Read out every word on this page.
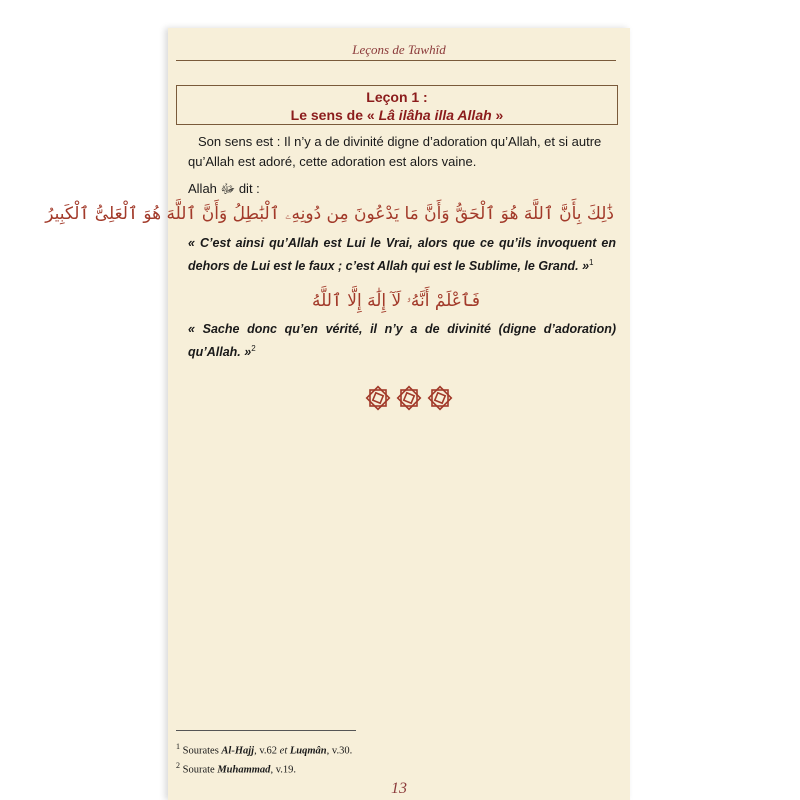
Leçons de Tawhîd
Leçon 1 :
Le sens de « Lâ ilâha illa Allah »
Son sens est : Il n’y a de divinité digne d’adoration qu’Allah, et si autre qu’Allah est adoré, cette adoration est alors vaine.
Allah ﷻ dit :
ذَٰلِكَ بِأَنَّ ٱللَّهَ هُوَ ٱلْحَقُّ وَأَنَّ مَا يَدْعُونَ مِن دُونِهِۦ ٱلْبَٰطِلُ وَأَنَّ ٱللَّهَ هُوَ ٱلْعَلِىُّ ٱلْكَبِيرُ
« C’est ainsi qu’Allah est Lui le Vrai, alors que ce qu’ils invoquent en dehors de Lui est le faux ; c’est Allah qui est le Sublime, le Grand. »$^1$
فَٱعْلَمْ أَنَّهُۥ لَآ إِلَٰهَ إِلَّا ٱللَّهُ
« Sache donc qu’en vérité, il n’y a de divinité (digne d’adoration) qu’Allah. »$^2$
$^1$ Sourates Al-Hajj, v.62 et Luqmân, v.30.
$^2$ Sourate Muhammad, v.19.
13
